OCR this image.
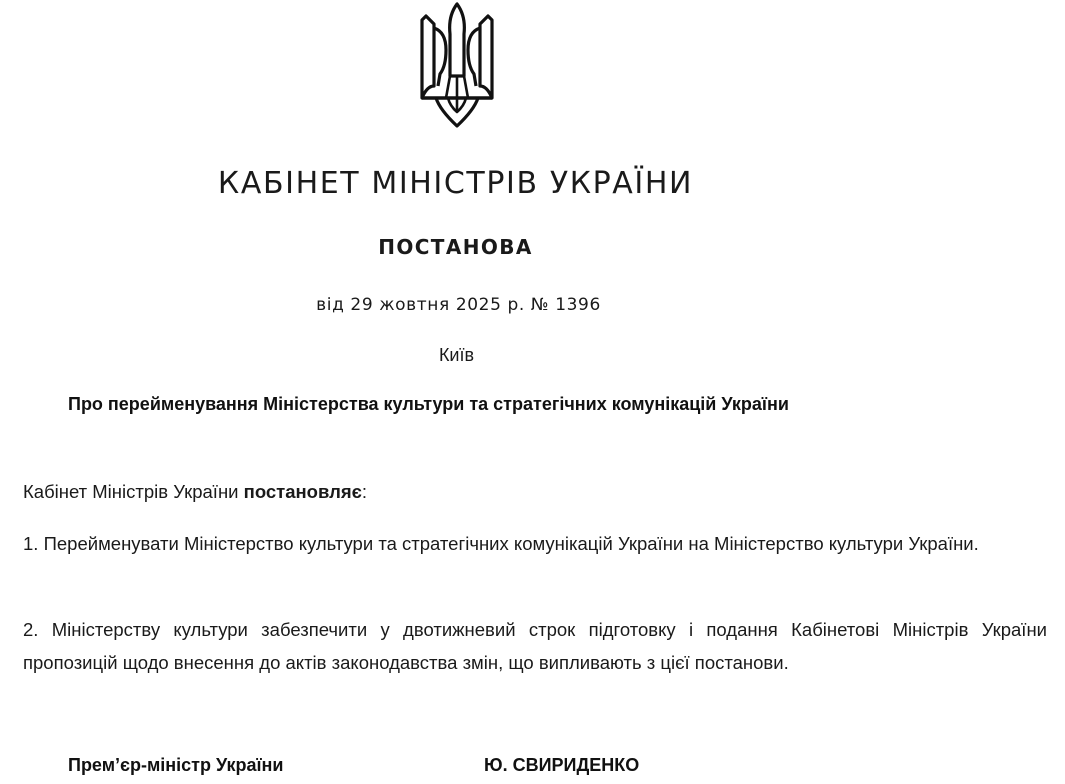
КАБІНЕТ МІНІСТРІВ УКРАЇНИ
ПОСТАНОВА
від 29 жовтня 2025 р. № 1396
Київ

Про перейменування Міністерства культури та стратегічних комунікацій України

Кабінет Міністрів України постановляє:

1. Перейменувати Міністерство культури та стратегічних комунікацій України на Міністерство культури України.

2. Міністерству культури забезпечити у двотижневий строк підготовку і подання Кабінетові Міністрів України пропозицій щодо внесення до актів законодавства змін, що випливають з цієї постанови.

Прем’єр-міністр України	Ю. СВИРИДЕНКО
